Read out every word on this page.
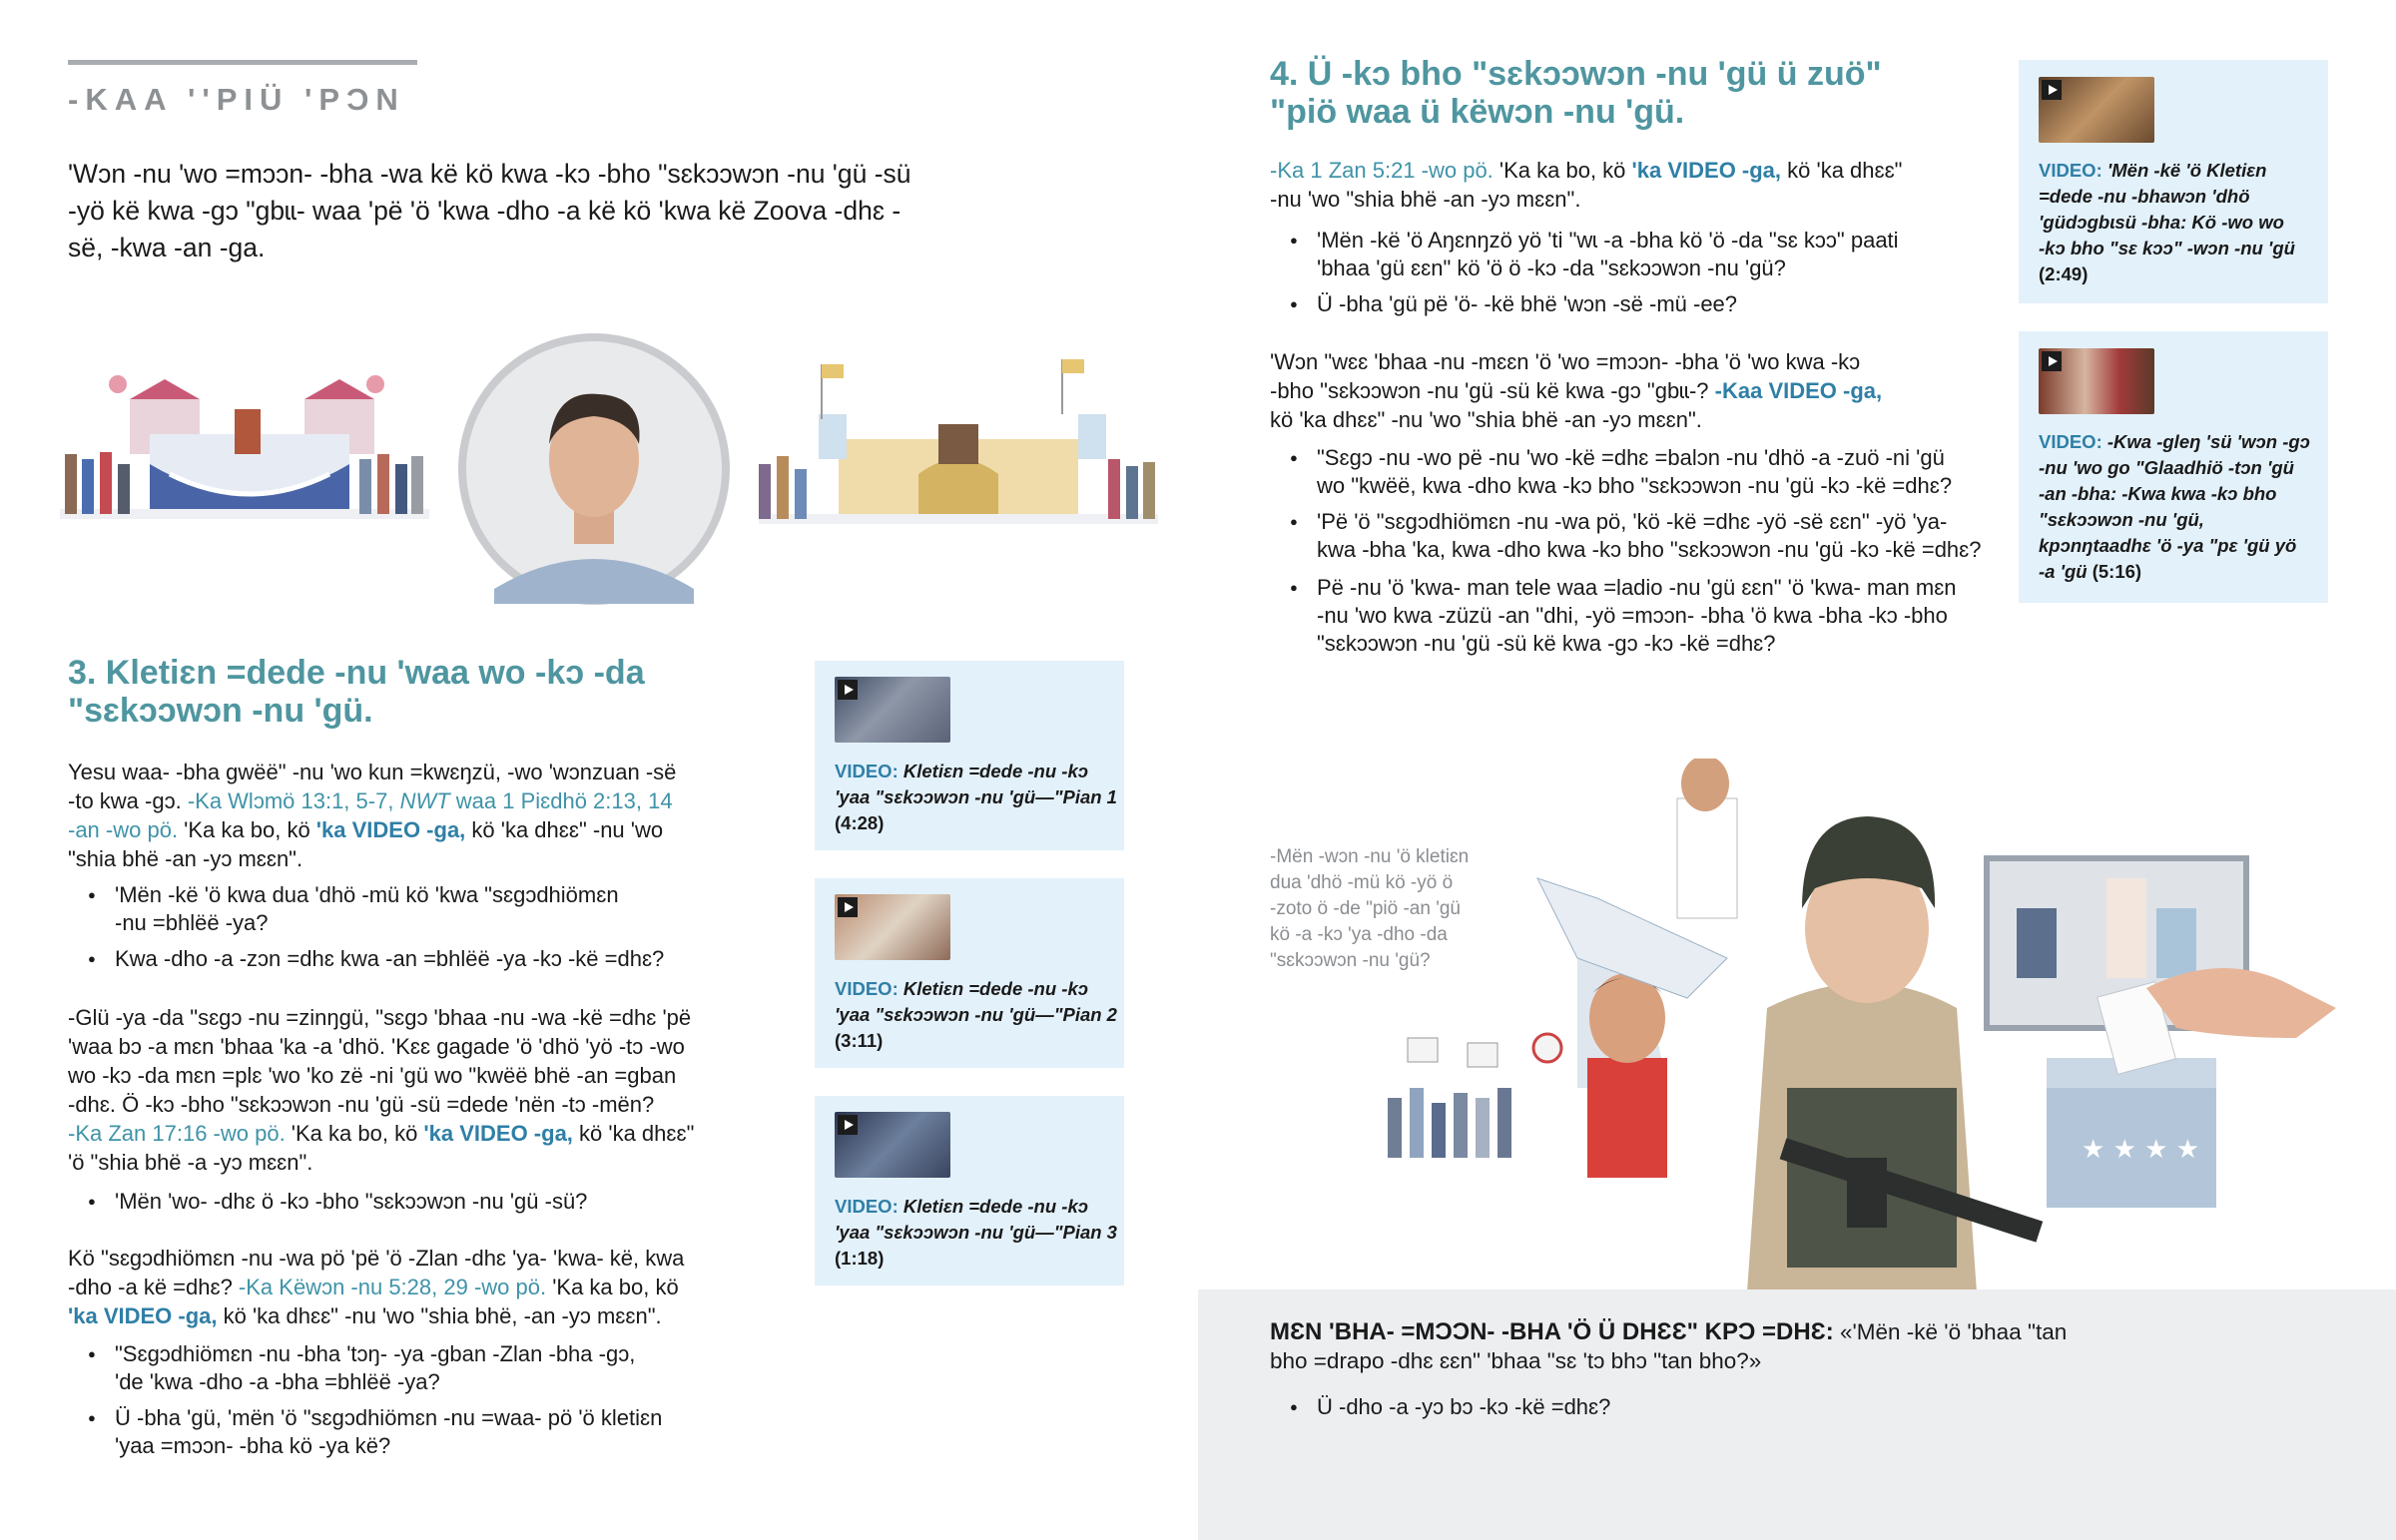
-KAA ''PIÜ 'PƆN
'Wɔn -nu 'wo =mɔɔn- -bha -wa kë kö kwa -kɔ -bho "sɛkɔɔwɔn -nu 'gü -sü -yö kë kwa -gɔ "gbɩɩ- waa 'pë 'ö 'kwa -dho -a kë kö 'kwa kë Zoova -dhɛ -së, -kwa -an -ga.
3. Kletiɛn =dede -nu 'waa wo -kɔ -da
"sɛkɔɔwɔn -nu 'gü.

Yesu waa- -bha gwëë" -nu 'wo kun =kwɛŋzü, -wo 'wɔnzuan -së
-to kwa -gɔ. -Ka Wlɔmö 13:1, 5-7, NWT waa 1 Piɛdhö 2:13, 14
-an -wo pö. 'Ka ka bo, kö 'ka VIDEO -ga, kö 'ka dhɛɛ" -nu 'wo
"shia bhë -an -yɔ mɛɛn".

● 'Mën -kë 'ö kwa dua 'dhö -mü kö 'kwa "sɛgɔdhiömɛn
-nu =bhlëë -ya?
● Kwa -dho -a -zɔn =dhɛ kwa -an =bhlëë -ya -kɔ -kë =dhɛ?

-Glü -ya -da "sɛgɔ -nu =zinŋgü, "sɛgɔ 'bhaa -nu -wa -kë =dhɛ 'pë
'waa bɔ -a mɛn 'bhaa 'ka -a 'dhö. 'Kɛɛ gagade 'ö 'dhö 'yö -tɔ -wo
wo -kɔ -da mɛn =plɛ 'wo 'ko zë -ni 'gü wo "kwëë bhë -an =gban
-dhɛ. Ö -kɔ -bho "sɛkɔɔwɔn -nu 'gü -sü =dede 'nën -tɔ -mën?
-Ka Zan 17:16 -wo pö. 'Ka ka bo, kö 'ka VIDEO -ga, kö 'ka dhɛɛ"
'ö "shia bhë -a -yɔ mɛɛn".

● 'Mën 'wo- -dhɛ ö -kɔ -bho "sɛkɔɔwɔn -nu 'gü -sü?

Kö "sɛgɔdhiömɛn -nu -wa pö 'pë 'ö -Zlan -dhɛ 'ya- 'kwa- kë, kwa
-dho -a kë =dhɛ? -Ka Këwɔn -nu 5:28, 29 -wo pö. 'Ka ka bo, kö
'ka VIDEO -ga, kö 'ka dhɛɛ" -nu 'wo "shia bhë, -an -yɔ mɛɛn".

● "Sɛgɔdhiömɛn -nu -bha 'tɔŋ- -ya -gban -Zlan -bha -gɔ,
'de 'kwa -dho -a -bha =bhlëë -ya?
● Ü -bha 'gü, 'mën 'ö "sɛgɔdhiömɛn -nu =waa- pö 'ö kletiɛn
'yaa =mɔɔn- -bha kö -ya kë?
VIDEO: Kletiɛn =dede -nu -kɔ
'yaa "sɛkɔɔwɔn -nu 'gü—"Pian 1
(4:28)
VIDEO: Kletiɛn =dede -nu -kɔ
'yaa "sɛkɔɔwɔn -nu 'gü—"Pian 2
(3:11)
VIDEO: Kletiɛn =dede -nu -kɔ
'yaa "sɛkɔɔwɔn -nu 'gü—"Pian 3
(1:18)
4. Ü -kɔ bho "sɛkɔɔwɔn -nu 'gü ü zuö"
"piö waa ü këwɔn -nu 'gü.

-Ka 1 Zan 5:21 -wo pö. 'Ka ka bo, kö 'ka VIDEO -ga, kö 'ka dhɛɛ"
-nu 'wo "shia bhë -an -yɔ mɛɛn".

● 'Mën -kë 'ö Aŋɛnŋzö yö 'ti "wɩ -a -bha kö 'ö -da "sɛ kɔɔ" paati
'bhaa 'gü ɛɛn" kö 'ö ö -kɔ -da "sɛkɔɔwɔn -nu 'gü?
● Ü -bha 'gü pë 'ö- -kë bhë 'wɔn -së -mü -ee?

'Wɔn "wɛɛ 'bhaa -nu -mɛɛn 'ö 'wo =mɔɔn- -bha 'ö 'wo kwa -kɔ
-bho "sɛkɔɔwɔn -nu 'gü -sü kë kwa -gɔ "gbɩɩ-? -Kaa VIDEO -ga,
kö 'ka dhɛɛ" -nu 'wo "shia bhë -an -yɔ mɛɛn".

● "Sɛgɔ -nu -wo pë -nu 'wo -kë =dhɛ =balɔn -nu 'dhö -a -zuö -ni 'gü
wo "kwëë, kwa -dho kwa -kɔ bho "sɛkɔɔwɔn -nu 'gü -kɔ -kë =dhɛ?
● 'Pë 'ö "sɛgɔdhiömɛn -nu -wa pö, 'kö -kë =dhɛ -yö -së ɛɛn" -yö 'ya-
kwa -bha 'ka, kwa -dho kwa -kɔ bho "sɛkɔɔwɔn -nu 'gü -kɔ -kë =dhɛ?
● Pë -nu 'ö 'kwa- man tele waa =ladio -nu 'gü ɛɛn" 'ö 'kwa- man mɛn
-nu 'wo kwa -züzü -an "dhi, -yö =mɔɔn- -bha 'ö kwa -bha -kɔ -bho
"sɛkɔɔwɔn -nu 'gü -sü kë kwa -gɔ -kɔ -kë =dhɛ?
VIDEO: 'Mën -kë 'ö Kletiɛn
=dede -nu -bhawɔn 'dhö
'güdɔgbɩsü -bha: Kö -wo wo
-kɔ bho "sɛ kɔɔ" -wɔn -nu 'gü
(2:49)
VIDEO: -Kwa -gleŋ 'sü 'wɔn -gɔ
-nu 'wo go "Glaadhiö -tɔn 'gü
-an -bha: -Kwa kwa -kɔ bho
"sɛkɔɔwɔn -nu 'gü,
kpɔnŋtaadhɛ 'ö -ya "pɛ 'gü yö
-a 'gü (5:16)
-Mën -wɔn -nu 'ö kletiɛn
dua 'dhö -mü kö -yö ö
-zoto ö -de "piö -an 'gü
kö -a -kɔ 'ya -dho -da
"sɛkɔɔwɔn -nu 'gü?
★ ★ ★ ★
MƐN 'BHA- =MƆƆN- -BHA 'Ö Ü DHƐƐ" KPƆ =DHƐ: «'Mën -kë 'ö 'bhaa "tan
bho =drapo -dhɛ ɛɛn" 'bhaa "sɛ 'tɔ bhɔ "tan bho?»
● Ü -dho -a -yɔ bɔ -kɔ -kë =dhɛ?
